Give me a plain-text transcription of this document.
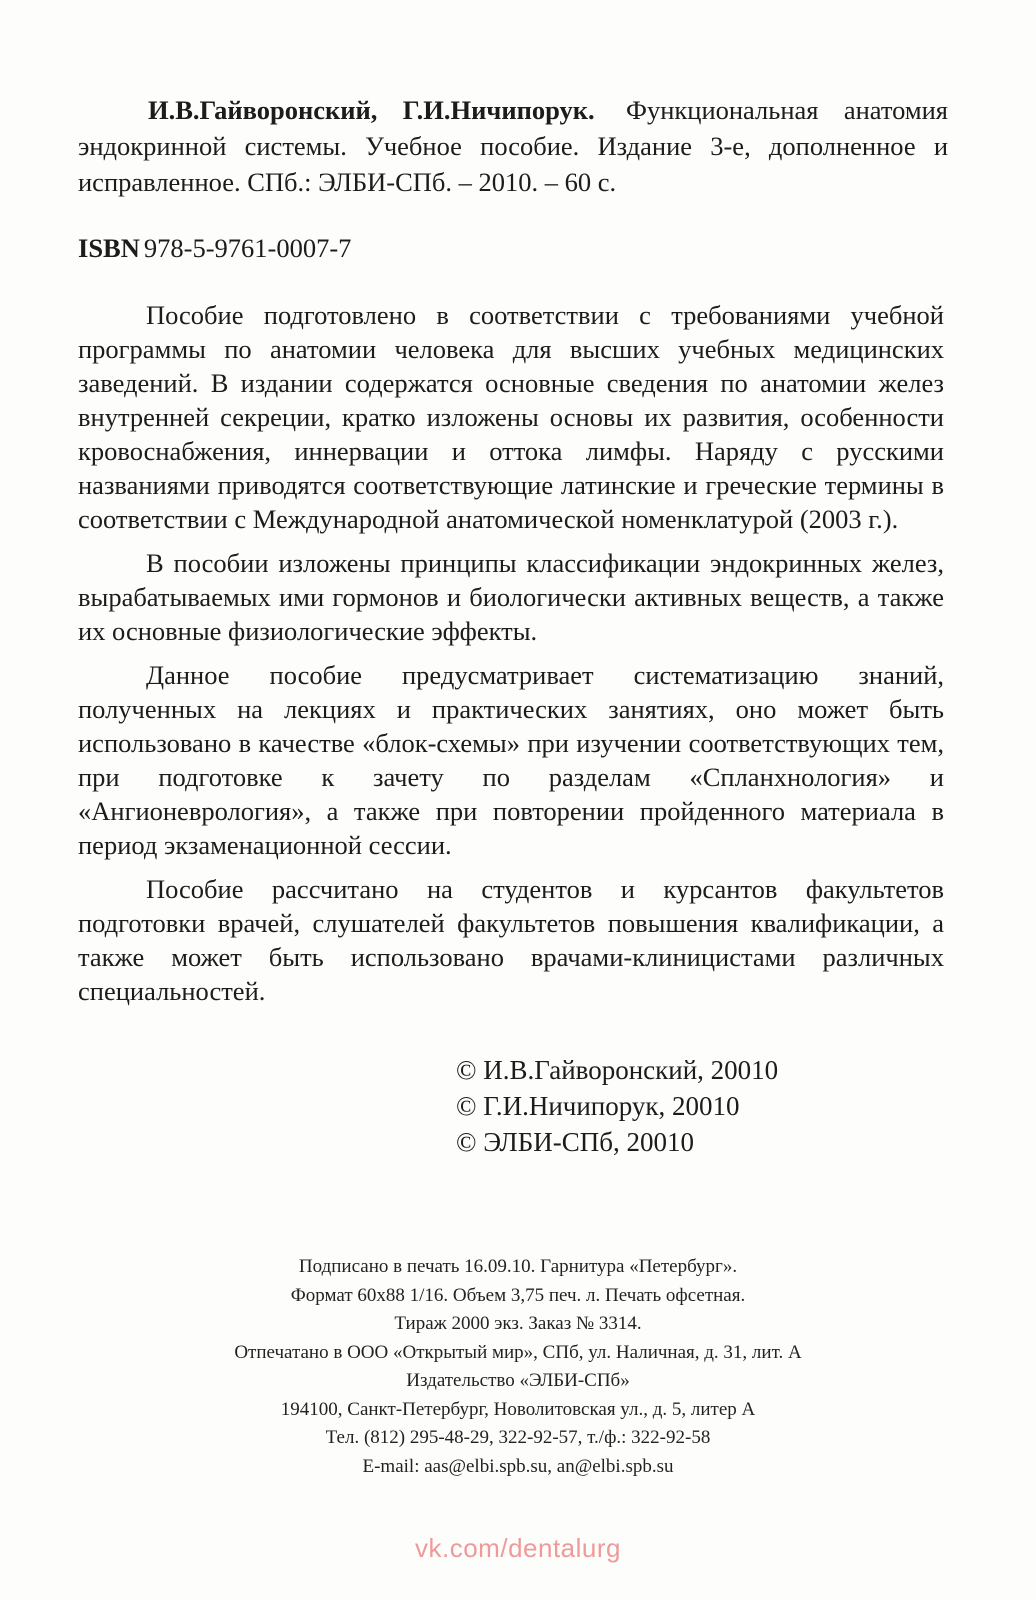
И.В.Гайворонский, Г.И.Ничипорук. Функциональная анатомия эндокринной системы. Учебное пособие. Издание 3-е, дополненное и исправленное. СПб.: ЭЛБИ-СПб. – 2010. – 60 с.
ISBN 978-5-9761-0007-7

Пособие подготовлено в соответствии с требованиями учебной программы по анатомии человека для высших учебных медицинских заведений. В издании содержатся основные сведения по анатомии желез внутренней секреции, кратко изложены основы их развития, особенности кровоснабжения, иннервации и оттока лимфы. Наряду с русскими названиями приводятся соответствующие латинские и греческие термины в соответствии с Международной анатомической номенклатурой (2003 г.).

В пособии изложены принципы классификации эндокринных желез, вырабатываемых ими гормонов и биологически активных веществ, а также их основные физиологические эффекты.

Данное пособие предусматривает систематизацию знаний, полученных на лекциях и практических занятиях, оно может быть использовано в качестве «блок-схемы» при изучении соответствующих тем, при подготовке к зачету по разделам «Спланхнология» и «Ангионеврология», а также при повторении пройденного материала в период экзаменационной сессии.

Пособие рассчитано на студентов и курсантов факультетов подготовки врачей, слушателей факультетов повышения квалификации, а также может быть использовано врачами-клиницистами различных специальностей.

© И.В.Гайворонский, 20010
© Г.И.Ничипорук, 20010
© ЭЛБИ-СПб, 20010
Подписано в печать 16.09.10. Гарнитура «Петербург».
Формат 60х88 1/16. Объем 3,75 печ. л. Печать офсетная.
Тираж 2000 экз. Заказ № 3314.
Отпечатано в ООО «Открытый мир», СПб, ул. Наличная, д. 31, лит. А
Издательство «ЭЛБИ-СПб»
194100, Санкт-Петербург, Новолитовская ул., д. 5, литер А
Тел. (812) 295-48-29, 322-92-57, т./ф.: 322-92-58
E-mail: aas@elbi.spb.su, an@elbi.spb.su
vk.com/dentalurg
